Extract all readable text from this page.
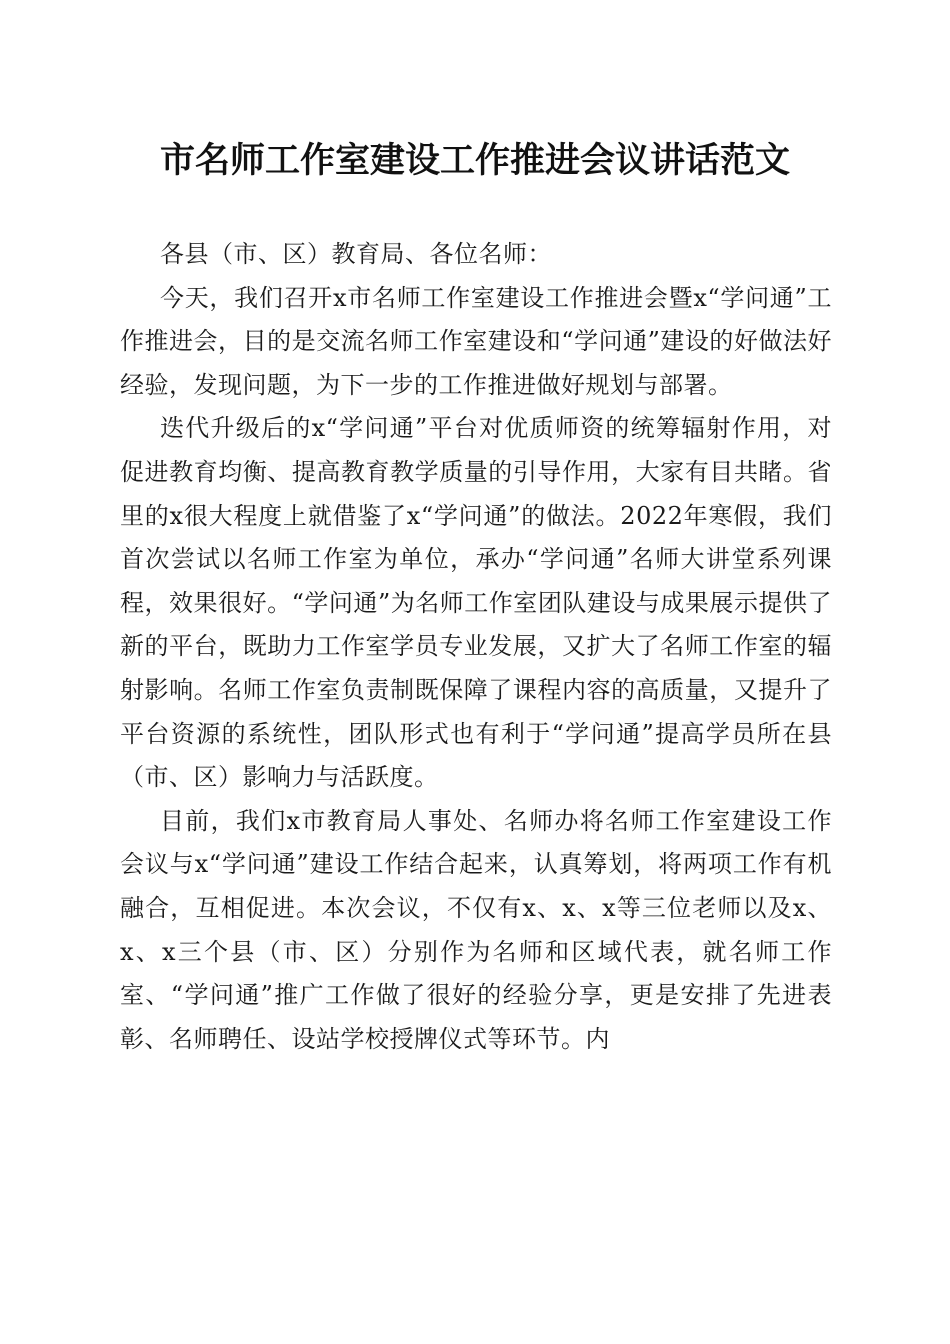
市名师工作室建设工作推进会议讲话范文

各县（市、区）教育局、各位名师：

今天，我们召开x市名师工作室建设工作推进会暨x“学问通”工作推进会，目的是交流名师工作室建设和“学问通”建设的好做法好经验，发现问题，为下一步的工作推进做好规划与部署。

迭代升级后的x“学问通”平台对优质师资的统筹辐射作用，对促进教育均衡、提高教育教学质量的引导作用，大家有目共睹。省里的x很大程度上就借鉴了x“学问通”的做法。2022年寒假，我们首次尝试以名师工作室为单位，承办“学问通”名师大讲堂系列课程，效果很好。“学问通”为名师工作室团队建设与成果展示提供了新的平台，既助力工作室学员专业发展，又扩大了名师工作室的辐射影响。名师工作室负责制既保障了课程内容的高质量，又提升了平台资源的系统性，团队形式也有利于“学问通”提高学员所在县（市、区）影响力与活跃度。

目前，我们x市教育局人事处、名师办将名师工作室建设工作会议与x“学问通”建设工作结合起来，认真筹划，将两项工作有机融合，互相促进。本次会议，不仅有x、x、x等三位老师以及x、x、x三个县（市、区）分别作为名师和区域代表，就名师工作室、“学问通”推广工作做了很好的经验分享，更是安排了先进表彰、名师聘任、设站学校授牌仪式等环节。内
